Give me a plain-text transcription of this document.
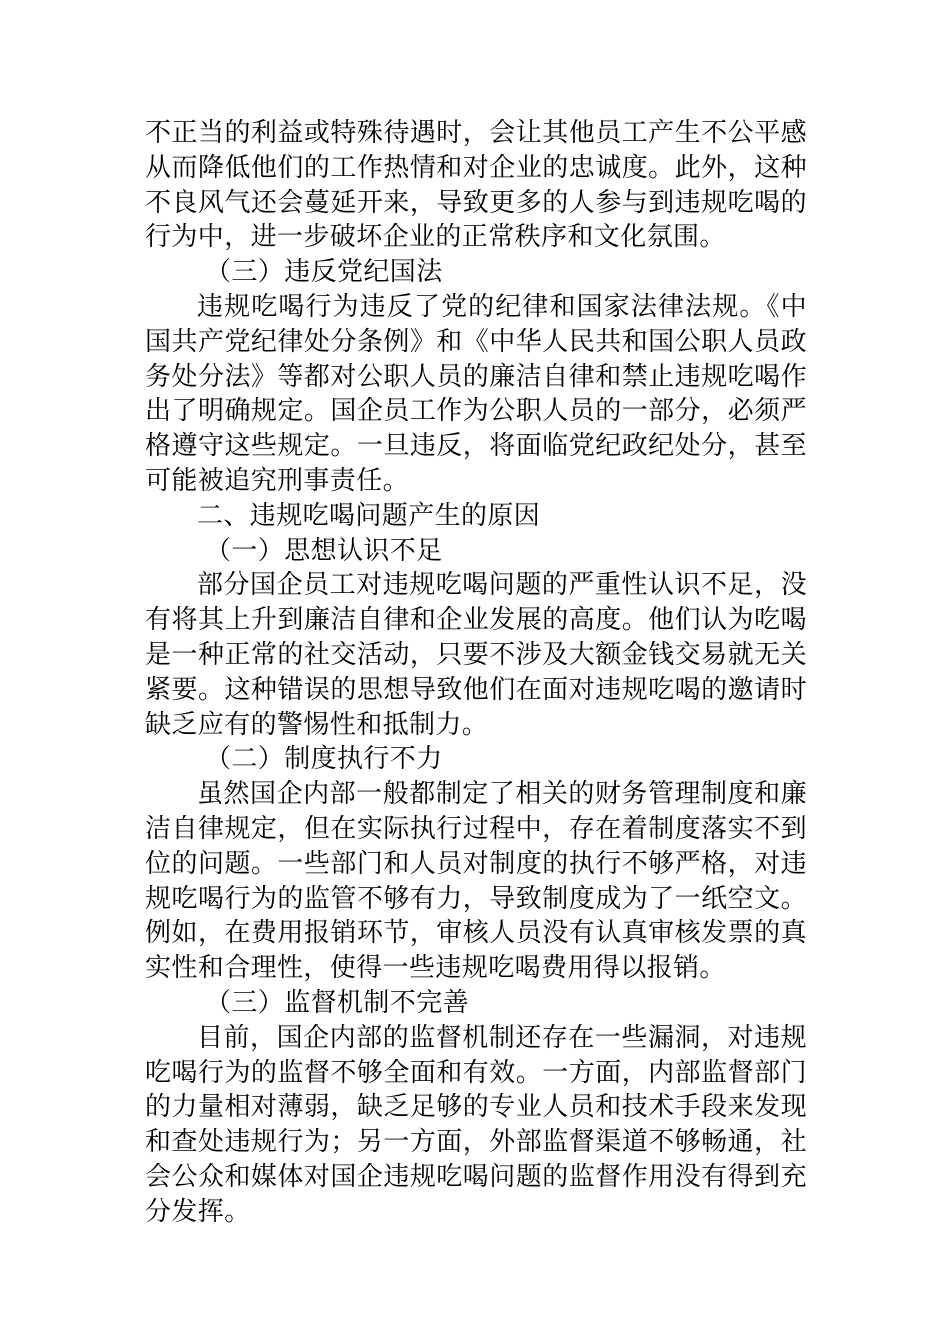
不正当的利益或特殊待遇时，会让其他员工产生不公平感从而降低他们的工作热情和对企业的忠诚度。此外，这种不良风气还会蔓延开来，导致更多的人参与到违规吃喝的行为中，进一步破坏企业的正常秩序和文化氛围。

（三）违反党纪国法

违规吃喝行为违反了党的纪律和国家法律法规。《中国共产党纪律处分条例》和《中华人民共和国公职人员政务处分法》等都对公职人员的廉洁自律和禁止违规吃喝作出了明确规定。国企员工作为公职人员的一部分，必须严格遵守这些规定。一旦违反，将面临党纪政纪处分，甚至可能被追究刑事责任。

二、违规吃喝问题产生的原因

（一）思想认识不足

部分国企员工对违规吃喝问题的严重性认识不足，没有将其上升到廉洁自律和企业发展的高度。他们认为吃喝是一种正常的社交活动，只要不涉及大额金钱交易就无关紧要。这种错误的思想导致他们在面对违规吃喝的邀请时缺乏应有的警惕性和抵制力。

（二）制度执行不力

虽然国企内部一般都制定了相关的财务管理制度和廉洁自律规定，但在实际执行过程中，存在着制度落实不到位的问题。一些部门和人员对制度的执行不够严格，对违规吃喝行为的监管不够有力，导致制度成为了一纸空文。例如，在费用报销环节，审核人员没有认真审核发票的真实性和合理性，使得一些违规吃喝费用得以报销。

（三）监督机制不完善

目前，国企内部的监督机制还存在一些漏洞，对违规吃喝行为的监督不够全面和有效。一方面，内部监督部门的力量相对薄弱，缺乏足够的专业人员和技术手段来发现和查处违规行为；另一方面，外部监督渠道不够畅通，社会公众和媒体对国企违规吃喝问题的监督作用没有得到充分发挥。
